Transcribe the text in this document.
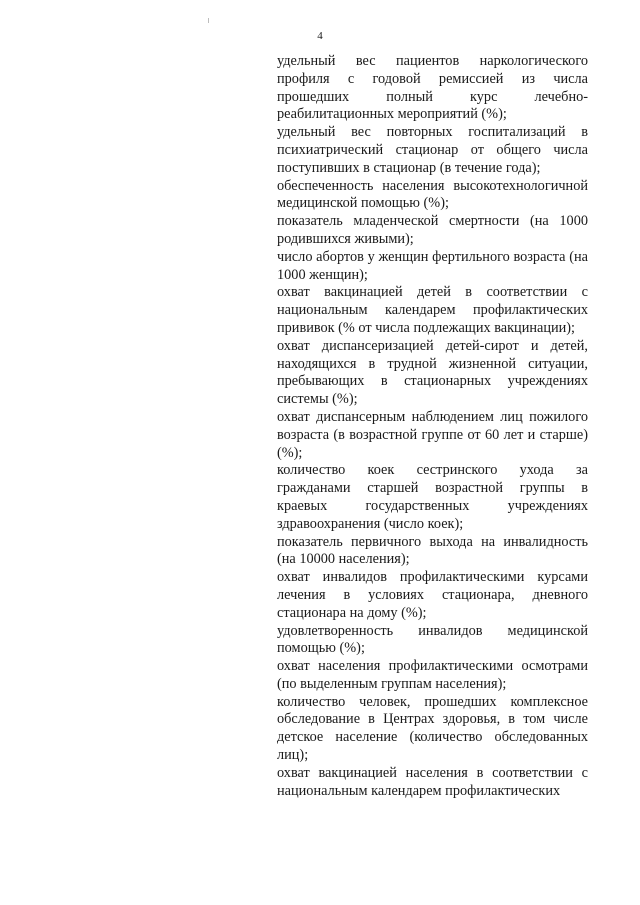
4

удельный вес пациентов наркологического профиля с годовой ремиссией из числа прошедших полный курс лечебно-реабилитационных мероприятий (%);

удельный вес повторных госпитализаций в психиатрический стационар от общего числа поступивших в стационар (в течение года);

обеспеченность населения высокотехнологичной медицинской помощью (%);

показатель младенческой смертности (на 1000 родившихся живыми);

число абортов у женщин фертильного возраста (на 1000 женщин);

охват вакцинацией детей в соответствии с национальным календарем профилактических прививок (% от числа подлежащих вакцинации);

охват диспансеризацией детей-сирот и детей, находящихся в трудной жизненной ситуации, пребывающих в стационарных учреждениях системы (%);

охват диспансерным наблюдением лиц пожилого возраста (в возрастной группе от 60 лет и старше) (%);

количество коек сестринского ухода за гражданами старшей возрастной группы в краевых государственных учреждениях здравоохранения (число коек);

показатель первичного выхода на инвалидность (на 10000 населения);

охват инвалидов профилактическими курсами лечения в условиях стационара, дневного стационара на дому (%);

удовлетворенность инвалидов медицинской помощью (%);

охват населения профилактическими осмотрами (по выделенным группам населения);

количество человек, прошедших комплексное обследование в Центрах здоровья, в том числе детское население (количество обследованных лиц);

охват вакцинацией населения в соответствии с национальным календарем профилактических
